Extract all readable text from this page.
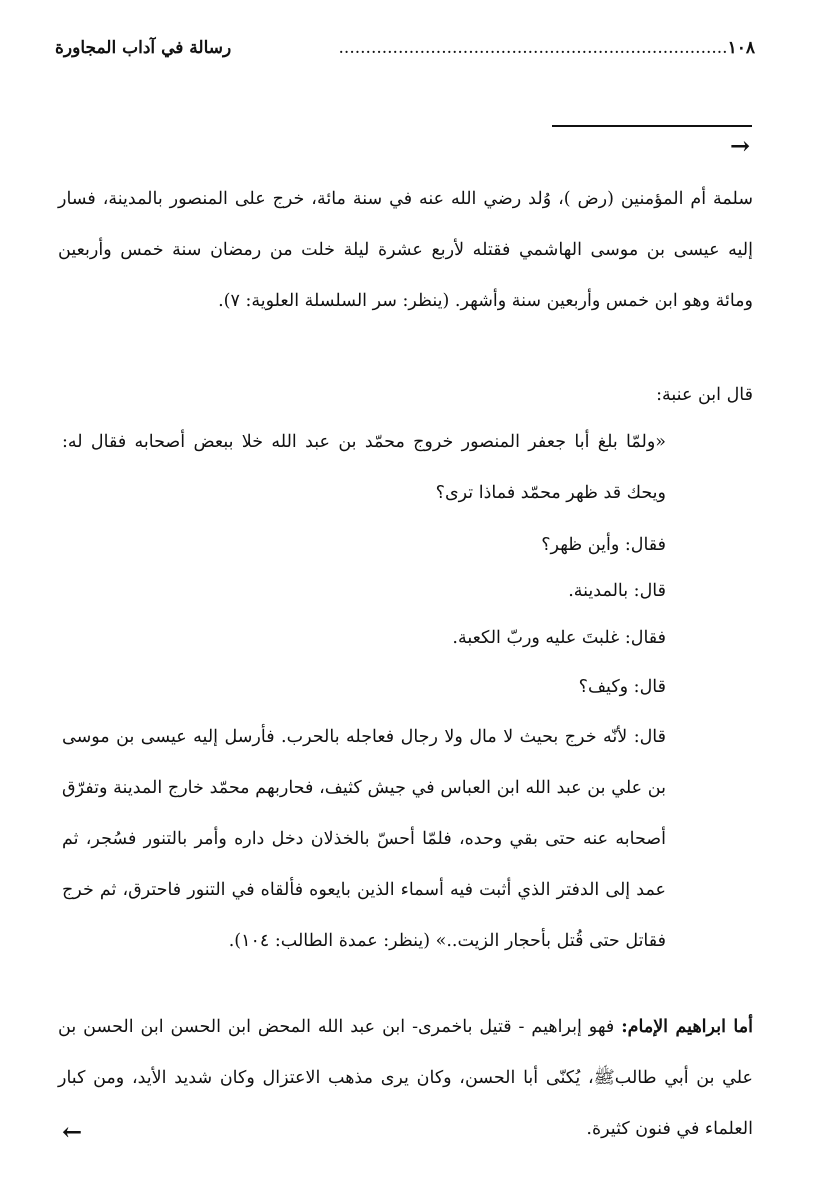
١٠٨........................................................................
رسالة في آداب المجاورة
→

سلمة أم المؤمنين (رض )، وُلد رضي الله عنه في سنة مائة، خرج على المنصور بالمدينة، فسار إليه عيسى بن موسى الهاشمي فقتله لأربع عشرة ليلة خلت من رمضان سنة خمس وأربعين ومائة وهو ابن خمس وأربعين سنة وأشهر. (ينظر: سر السلسلة العلوية: ٧).

قال ابن عنبة:

«ولمّا بلغ أبا جعفر المنصور خروج محمّد بن عبد الله خلا ببعض أصحابه فقال له: ويحك قد ظهر محمّد فماذا ترى؟

فقال: وأين ظهر؟

قال: بالمدينة.

فقال: غلبتَ عليه وربّ الكعبة.

قال: وكيف؟

قال: لأنّه خرج بحيث لا مال ولا رجال فعاجله بالحرب. فأرسل إليه عيسى بن موسى بن علي بن عبد الله ابن العباس في جيش كثيف، فحاربهم محمّد خارج المدينة وتفرّق أصحابه عنه حتى بقي وحده، فلمّا أحسّ بالخذلان دخل داره وأمر بالتنور فسُجر، ثم عمد إلى الدفتر الذي أثبت فيه أسماء الذين بايعوه فألقاه في التنور فاحترق، ثم خرج فقاتل حتى قُتل بأحجار الزيت..» (ينظر: عمدة الطالب: ١٠٤).

أما ابراهيم الإمام: فهو إبراهيم - قتيل باخمرى- ابن عبد الله المحض ابن الحسن ابن الحسن بن علي بن أبي طالبﷺ، يُكنّى أبا الحسن، وكان يرى مذهب الاعتزال وكان شديد الأيد، ومن كبار العلماء في فنون كثيرة.

←
